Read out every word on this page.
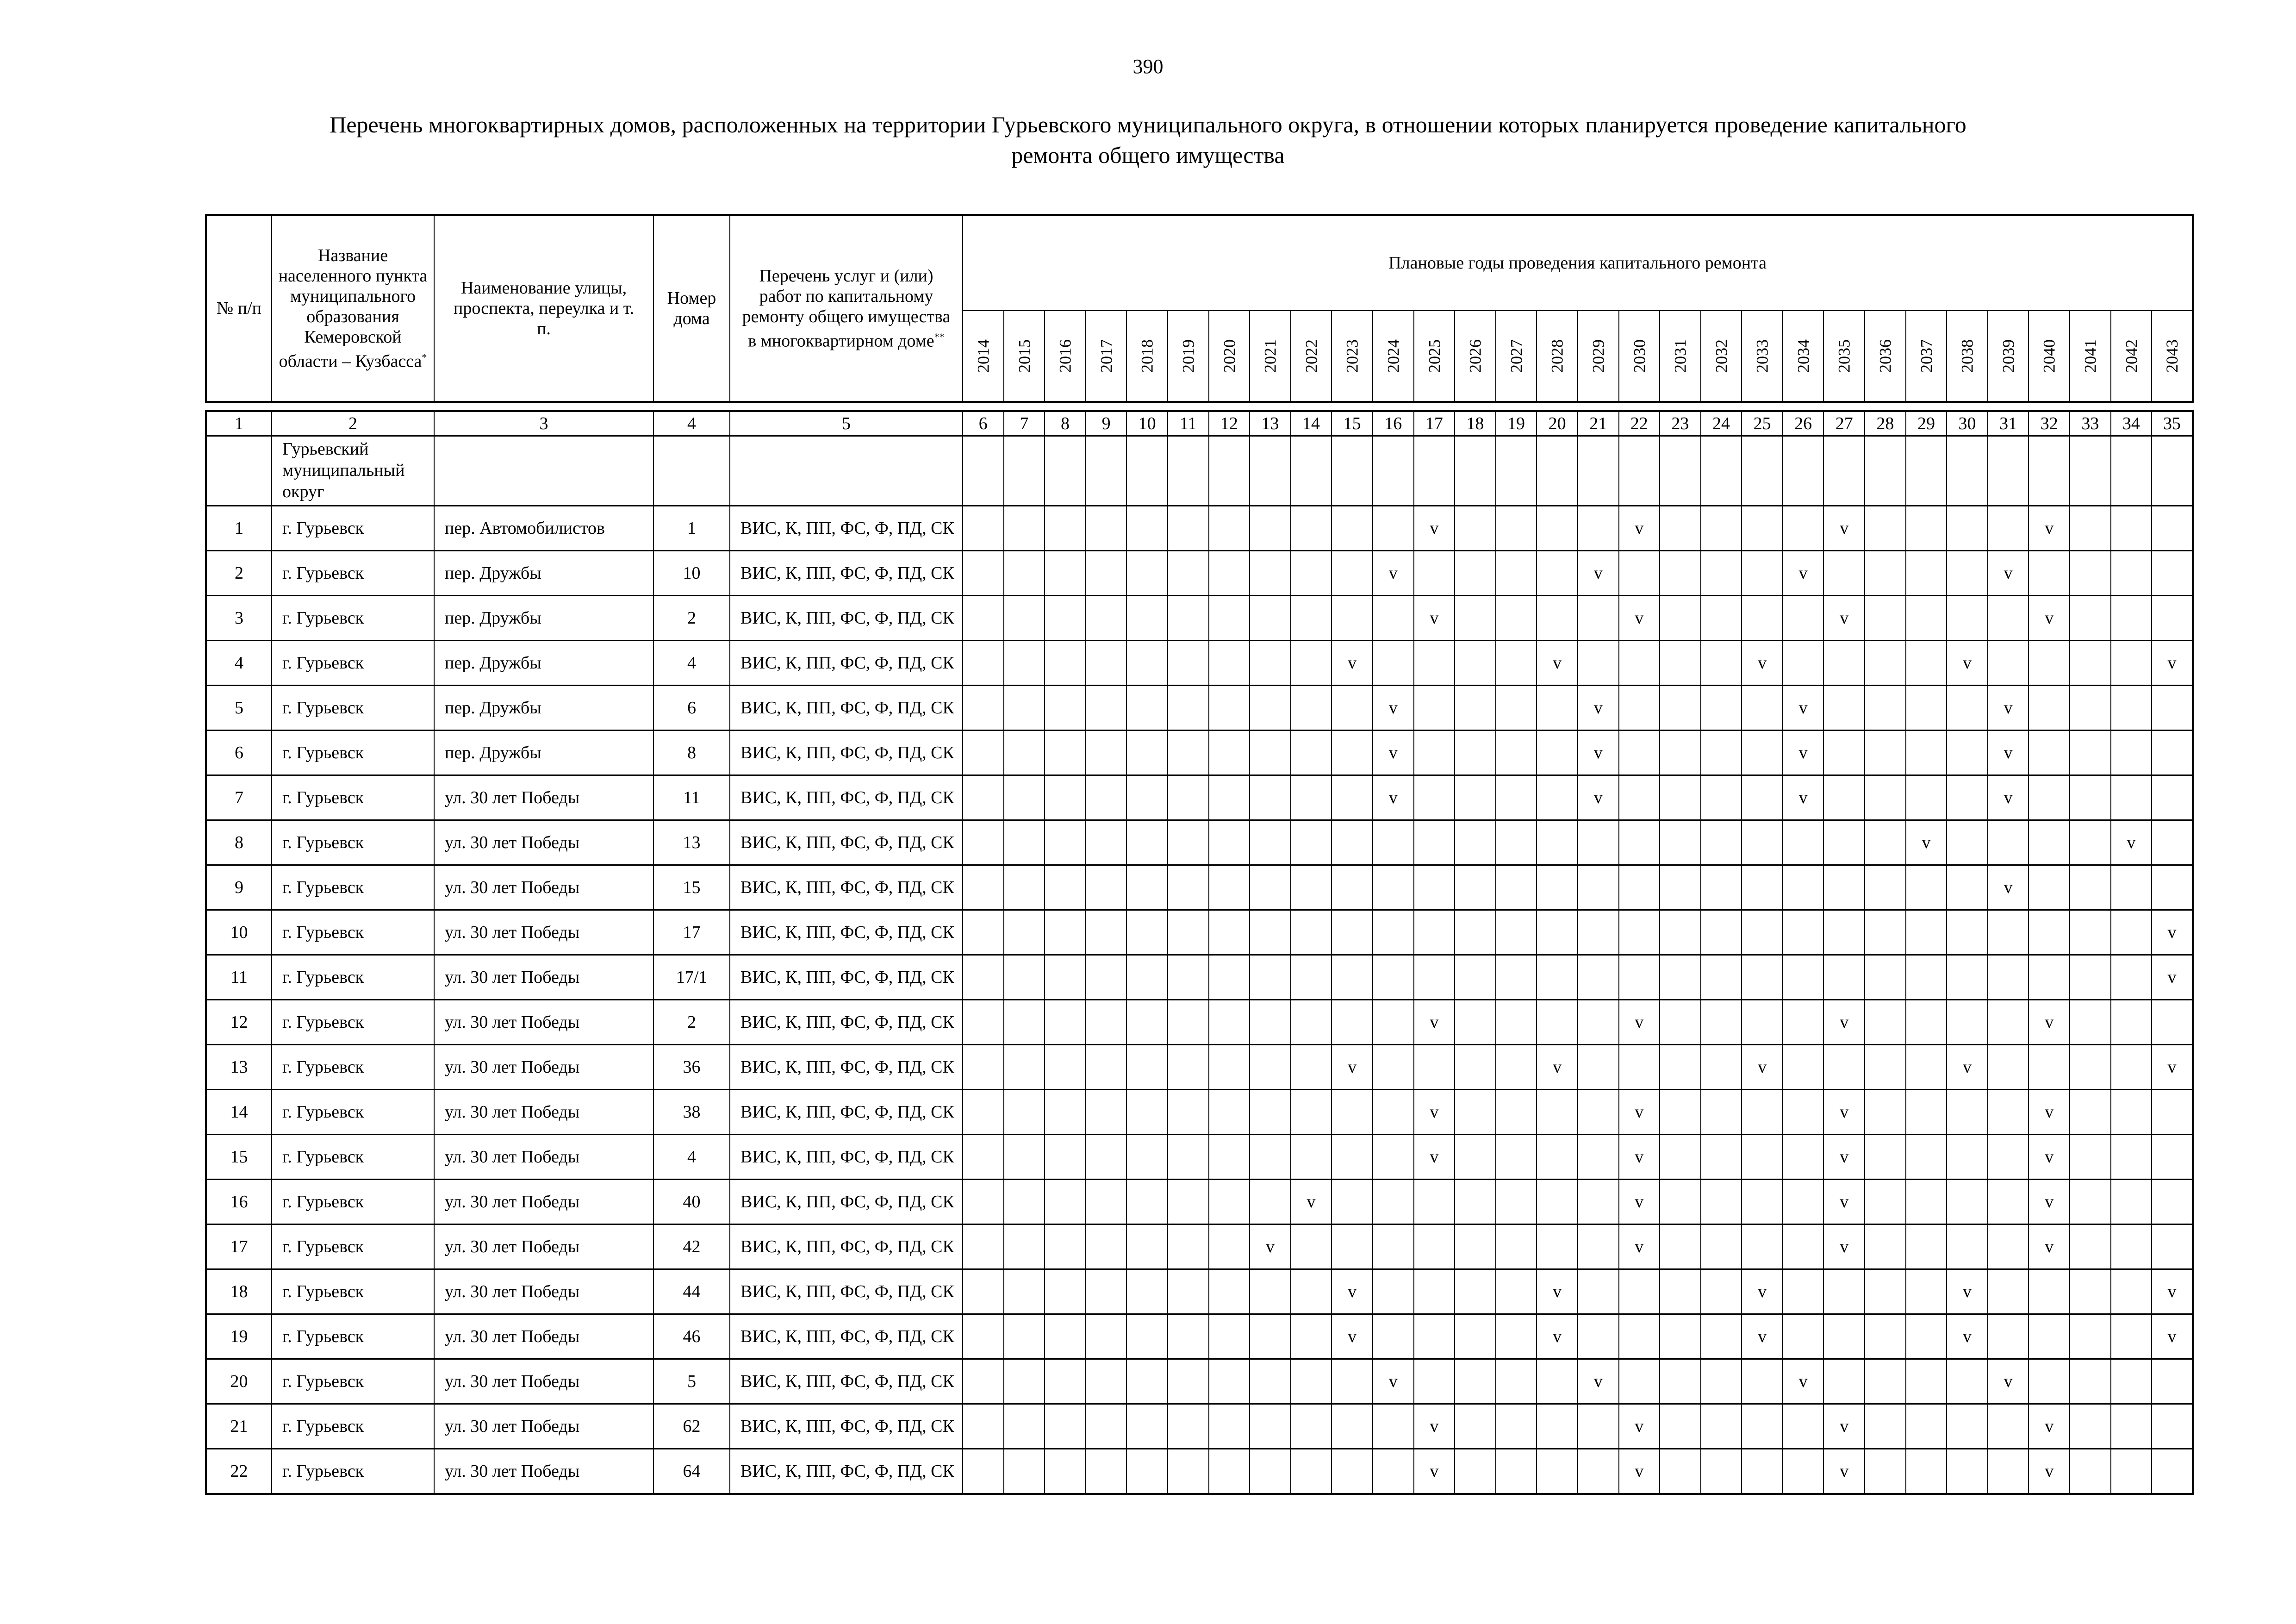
390
Перечень многоквартирных домов, расположенных на территории Гурьевского муниципального округа, в отношении которых планируется проведение капитального ремонта общего имущества
№ п/п	Название населенного пункта муниципального образования Кемеровской области – Кузбасса*	Наименование улицы, проспекта, переулка и т. п.	Номер дома	Перечень услуг и (или) работ по капитальному ремонту общего имущества в многоквартирном доме**	Плановые годы проведения капитального ремонта																													

					2014	2015	2016	2017	2018	2019	2020	2021	2022	2023	2024	2025	2026	2027	2028	2029	2030	2031	2032	2033	2034	2035	2036	2037	2038	2039	2040	2041	2042	2043
1	2	3	4	5	6	7	8	9	10	11	12	13	14	15	16	17	18	19	20	21	22	23	24	25	26	27	28	29	30	31	32	33	34	35

	Гурьевский муниципальный округ																																	

1	г. Гурьевск	пер. Автомобилистов	1	ВИС, К, ПП, ФС, Ф, ПД, СК												v					v					v					v			
2	г. Гурьевск	пер. Дружбы	10	ВИС, К, ПП, ФС, Ф, ПД, СК											v					v					v					v				
3	г. Гурьевск	пер. Дружбы	2	ВИС, К, ПП, ФС, Ф, ПД, СК												v					v					v					v			
4	г. Гурьевск	пер. Дружбы	4	ВИС, К, ПП, ФС, Ф, ПД, СК										v					v					v					v					v
5	г. Гурьевск	пер. Дружбы	6	ВИС, К, ПП, ФС, Ф, ПД, СК											v					v					v					v				
6	г. Гурьевск	пер. Дружбы	8	ВИС, К, ПП, ФС, Ф, ПД, СК											v					v					v					v				
7	г. Гурьевск	ул. 30 лет Победы	11	ВИС, К, ПП, ФС, Ф, ПД, СК											v					v					v					v				
8	г. Гурьевск	ул. 30 лет Победы	13	ВИС, К, ПП, ФС, Ф, ПД, СК																								v					v	
9	г. Гурьевск	ул. 30 лет Победы	15	ВИС, К, ПП, ФС, Ф, ПД, СК																										v				
10	г. Гурьевск	ул. 30 лет Победы	17	ВИС, К, ПП, ФС, Ф, ПД, СК																														v
11	г. Гурьевск	ул. 30 лет Победы	17/1	ВИС, К, ПП, ФС, Ф, ПД, СК																														v
12	г. Гурьевск	ул. 30 лет Победы	2	ВИС, К, ПП, ФС, Ф, ПД, СК												v					v					v					v			
13	г. Гурьевск	ул. 30 лет Победы	36	ВИС, К, ПП, ФС, Ф, ПД, СК										v					v					v					v					v
14	г. Гурьевск	ул. 30 лет Победы	38	ВИС, К, ПП, ФС, Ф, ПД, СК												v					v					v					v			
15	г. Гурьевск	ул. 30 лет Победы	4	ВИС, К, ПП, ФС, Ф, ПД, СК												v					v					v					v			
16	г. Гурьевск	ул. 30 лет Победы	40	ВИС, К, ПП, ФС, Ф, ПД, СК									v								v					v					v			
17	г. Гурьевск	ул. 30 лет Победы	42	ВИС, К, ПП, ФС, Ф, ПД, СК								v									v					v					v			
18	г. Гурьевск	ул. 30 лет Победы	44	ВИС, К, ПП, ФС, Ф, ПД, СК										v					v					v					v					v
19	г. Гурьевск	ул. 30 лет Победы	46	ВИС, К, ПП, ФС, Ф, ПД, СК										v					v					v					v					v
20	г. Гурьевск	ул. 30 лет Победы	5	ВИС, К, ПП, ФС, Ф, ПД, СК											v					v					v					v				
21	г. Гурьевск	ул. 30 лет Победы	62	ВИС, К, ПП, ФС, Ф, ПД, СК												v					v					v					v			
22	г. Гурьевск	ул. 30 лет Победы	64	ВИС, К, ПП, ФС, Ф, ПД, СК												v					v					v					v			
